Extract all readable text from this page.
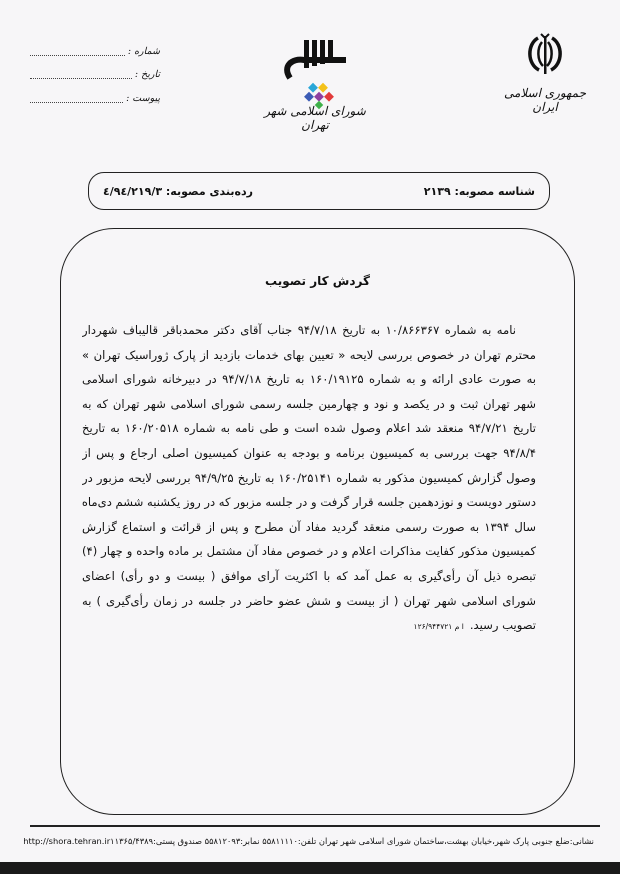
جمهوری اسلامی ایران
شورای اسلامی شهر تهران
شماره :
تاریخ :
پیوست :
شناسه مصوبه: ۲۱۳۹
رده‌بندی مصوبه: ٤/٩٤/٢١٩/٣
گردش کار تصویب
نامه به شماره ۱۰/۸۶۶۳۶۷ به تاریخ ۹۴/۷/۱۸ جناب آقای دکتر محمدباقر قالیباف شهردار
محترم تهران در خصوص بررسی لایحه « تعیین بهای خدمات بازدید از پارک ژوراسیک تهران »
به صورت عادی ارائه و به شماره ۱۶۰/۱۹۱۲۵ به تاریخ ۹۴/۷/۱۸ در دبیرخانه شورای اسلامی
شهر تهران ثبت و در یکصد و نود و چهارمین جلسه رسمی شورای اسلامی شهر تهران که به
تاریخ ۹۴/۷/۲۱ منعقد شد اعلام وصول شده است و طی نامه به شماره ۱۶۰/۲۰۵۱۸ به تاریخ
۹۴/۸/۴ جهت بررسی به کمیسیون برنامه و بودجه به عنوان کمیسیون اصلی ارجاع و پس از
وصول گزارش کمیسیون مذکور به شماره ۱۶۰/۲۵۱۴۱ به تاریخ ۹۴/۹/۲۵ بررسی لایحه مزبور در
دستور دویست و نوزدهمین جلسه قرار گرفت و در جلسه مزبور که در روز یکشنبه ششم دی‌ماه
سال ۱۳۹۴ به صورت رسمی منعقد گردید مفاد آن مطرح و پس از قرائت و استماع گزارش
کمیسیون مذکور کفایت مذاکرات اعلام و در خصوص مفاد آن مشتمل بر ماده واحده و چهار (۴)
تبصره ذیل آن رأی‌گیری به عمل آمد که با اکثریت آرای موافق ( بیست و دو رأی) اعضای
شورای اسلامی شهر تهران ( از بیست و شش عضو حاضر در جلسه در زمان رأی‌گیری ) به
تصویب رسید.ا م ۱۲۶/۹۴۴۷۲۱
نشانی:ضلع جنوبی پارک شهر،خیابان بهشت،ساختمان شورای اسلامی شهر تهران تلفن:۵۵۸۱۱۱۱۰ نمابر:۵۵۸۱۲۰۹۳ صندوق پستی:۱۱۳۶۵/۴۳۸۹
http://shora.tehran.ir
